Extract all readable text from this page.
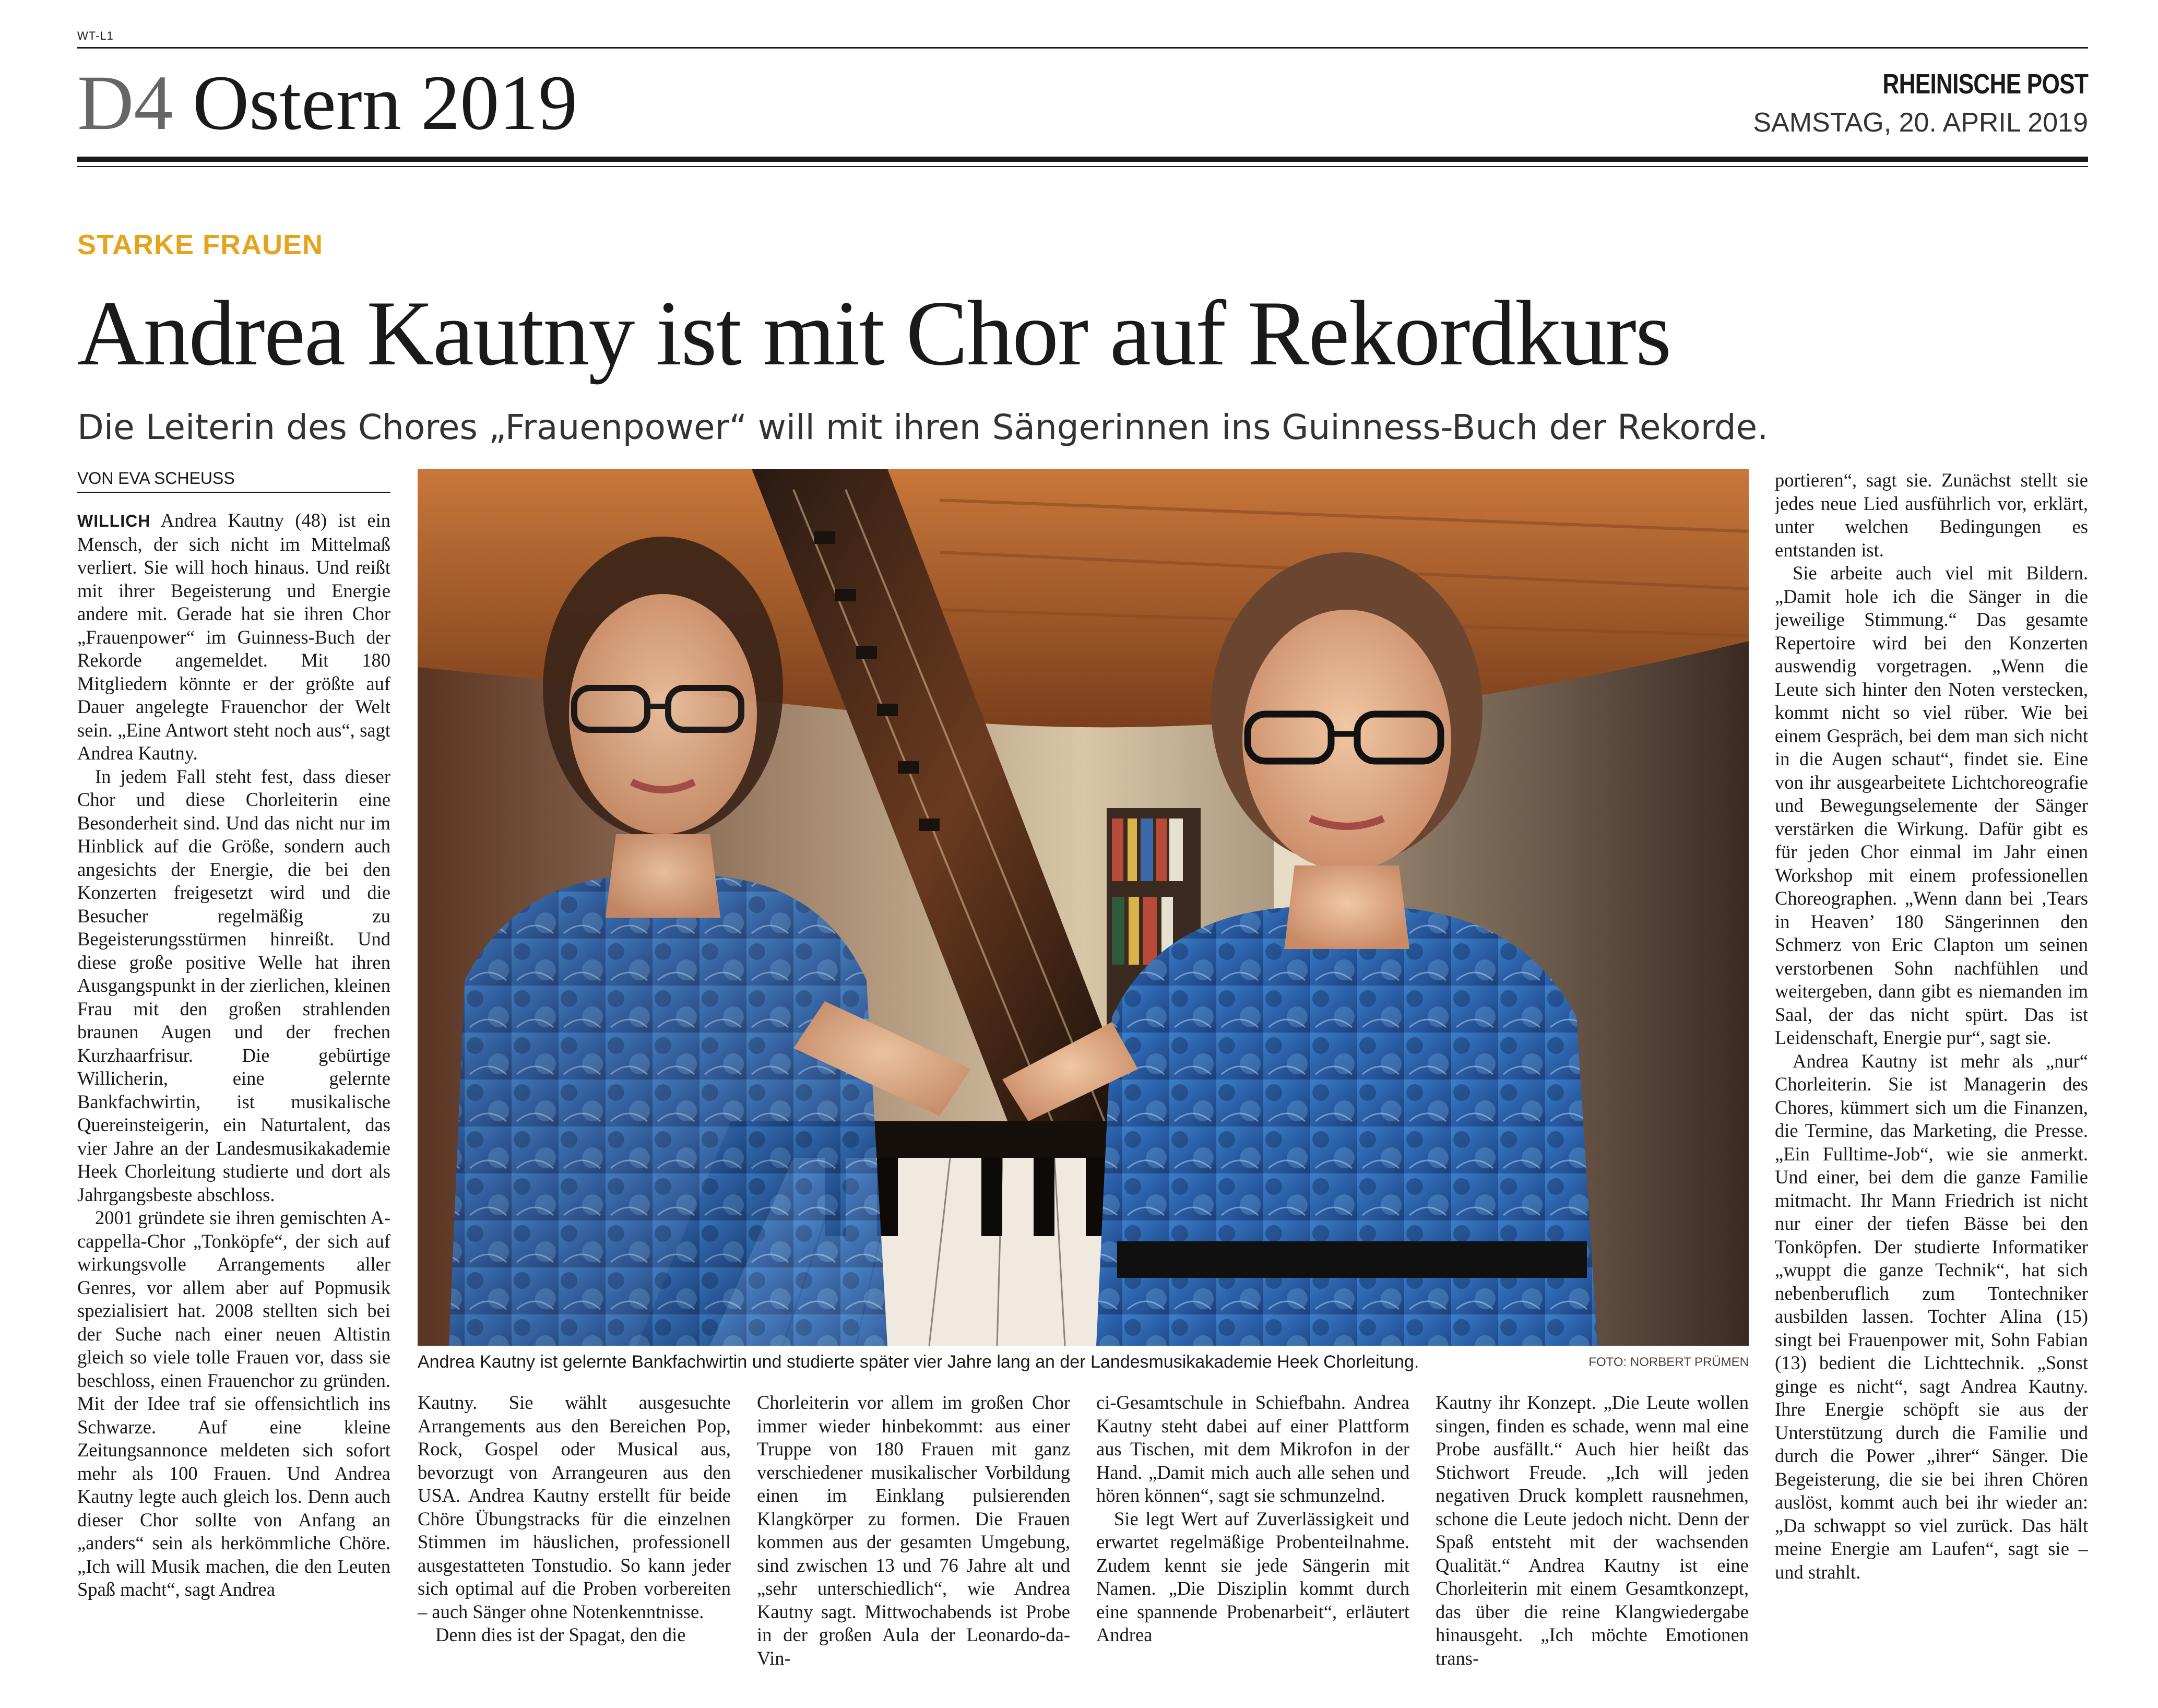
WT-L1
D4 Ostern 2019	RHEINISCHE POST
SAMSTAG, 20. APRIL 2019
STARKE FRAUEN
Andrea Kautny ist mit Chor auf Rekordkurs
Die Leiterin des Chores „Frauenpower“ will mit ihren Sängerinnen ins Guinness-Buch der Rekorde.
VON EVA SCHEUSS

WILLICH Andrea Kautny (48) ist ein Mensch, der sich nicht im Mittelmaß verliert. Sie will hoch hinaus. Und reißt mit ihrer Begeisterung und Energie andere mit. Gerade hat sie ihren Chor „Frauenpower“ im Guinness-Buch der Rekorde angemeldet. Mit 180 Mitgliedern könnte er der größte auf Dauer angelegte Frauenchor der Welt sein. „Eine Antwort steht noch aus“, sagt Andrea Kautny.

In jedem Fall steht fest, dass dieser Chor und diese Chorleiterin eine Besonderheit sind. Und das nicht nur im Hinblick auf die Größe, sondern auch angesichts der Energie, die bei den Konzerten freigesetzt wird und die Besucher regelmäßig zu Begeisterungsstürmen hinreißt. Und diese große positive Welle hat ihren Ausgangspunkt in der zierlichen, kleinen Frau mit den großen strahlenden braunen Augen und der frechen Kurzhaarfrisur. Die gebürtige Willicherin, eine gelernte Bankfachwirtin, ist musikalische Quereinsteigerin, ein Naturtalent, das vier Jahre an der Landesmusikakademie Heek Chorleitung studierte und dort als Jahrgangsbeste abschloss.

2001 gründete sie ihren gemischten A-cappella-Chor „Tonköpfe“, der sich auf wirkungsvolle Arrangements aller Genres, vor allem aber auf Popmusik spezialisiert hat. 2008 stellten sich bei der Suche nach einer neuen Altistin gleich so viele tolle Frauen vor, dass sie beschloss, einen Frauenchor zu gründen. Mit der Idee traf sie offensichtlich ins Schwarze. Auf eine kleine Zeitungsannonce meldeten sich sofort mehr als 100 Frauen. Und Andrea Kautny legte auch gleich los. Denn auch dieser Chor sollte von Anfang an „anders“ sein als herkömmliche Chöre. „Ich will Musik machen, die den Leuten Spaß macht“, sagt Andrea

Andrea Kautny ist gelernte Bankfachwirtin und studierte später vier Jahre lang an der Landesmusikakademie Heek Chorleitung.	FOTO: NORBERT PRÜMEN

Kautny. Sie wählt ausgesuchte Arrangements aus den Bereichen Pop, Rock, Gospel oder Musical aus, bevorzugt von Arrangeuren aus den USA. Andrea Kautny erstellt für beide Chöre Übungstracks für die einzelnen Stimmen im häuslichen, professionell ausgestatteten Tonstudio. So kann jeder sich optimal auf die Proben vorbereiten – auch Sänger ohne Notenkenntnisse.

Denn dies ist der Spagat, den die

Chorleiterin vor allem im großen Chor immer wieder hinbekommt: aus einer Truppe von 180 Frauen mit ganz verschiedener musikalischer Vorbildung einen im Einklang pulsierenden Klangkörper zu formen. Die Frauen kommen aus der gesamten Umgebung, sind zwischen 13 und 76 Jahre alt und „sehr unterschiedlich“, wie Andrea Kautny sagt. Mittwochabends ist Probe in der großen Aula der Leonardo-da-Vin-

ci-Gesamtschule in Schiefbahn. Andrea Kautny steht dabei auf einer Plattform aus Tischen, mit dem Mikrofon in der Hand. „Damit mich auch alle sehen und hören können“, sagt sie schmunzelnd.

Sie legt Wert auf Zuverlässigkeit und erwartet regelmäßige Probenteilnahme. Zudem kennt sie jede Sängerin mit Namen. „Die Disziplin kommt durch eine spannende Probenarbeit“, erläutert Andrea

Kautny ihr Konzept. „Die Leute wollen singen, finden es schade, wenn mal eine Probe ausfällt.“ Auch hier heißt das Stichwort Freude. „Ich will jeden negativen Druck komplett rausnehmen, schone die Leute jedoch nicht. Denn der Spaß entsteht mit der wachsenden Qualität.“ Andrea Kautny ist eine Chorleiterin mit einem Gesamtkonzept, das über die reine Klangwiedergabe hinausgeht. „Ich möchte Emotionen trans-

portieren“, sagt sie. Zunächst stellt sie jedes neue Lied ausführlich vor, erklärt, unter welchen Bedingungen es entstanden ist.

Sie arbeite auch viel mit Bildern. „Damit hole ich die Sänger in die jeweilige Stimmung.“ Das gesamte Repertoire wird bei den Konzerten auswendig vorgetragen. „Wenn die Leute sich hinter den Noten verstecken, kommt nicht so viel rüber. Wie bei einem Gespräch, bei dem man sich nicht in die Augen schaut“, findet sie. Eine von ihr ausgearbeitete Lichtchoreografie und Bewegungselemente der Sänger verstärken die Wirkung. Dafür gibt es für jeden Chor einmal im Jahr einen Workshop mit einem professionellen Choreographen. „Wenn dann bei ‚Tears in Heaven’ 180 Sängerinnen den Schmerz von Eric Clapton um seinen verstorbenen Sohn nachfühlen und weitergeben, dann gibt es niemanden im Saal, der das nicht spürt. Das ist Leidenschaft, Energie pur“, sagt sie.

Andrea Kautny ist mehr als „nur“ Chorleiterin. Sie ist Managerin des Chores, kümmert sich um die Finanzen, die Termine, das Marketing, die Presse. „Ein Fulltime-Job“, wie sie anmerkt. Und einer, bei dem die ganze Familie mitmacht. Ihr Mann Friedrich ist nicht nur einer der tiefen Bässe bei den Tonköpfen. Der studierte Informatiker „wuppt die ganze Technik“, hat sich nebenberuflich zum Tontechniker ausbilden lassen. Tochter Alina (15) singt bei Frauenpower mit, Sohn Fabian (13) bedient die Lichttechnik. „Sonst ginge es nicht“, sagt Andrea Kautny. Ihre Energie schöpft sie aus der Unterstützung durch die Familie und durch die Power „ihrer“ Sänger. Die Begeisterung, die sie bei ihren Chören auslöst, kommt auch bei ihr wieder an: „Da schwappt so viel zurück. Das hält meine Energie am Laufen“, sagt sie – und strahlt.
